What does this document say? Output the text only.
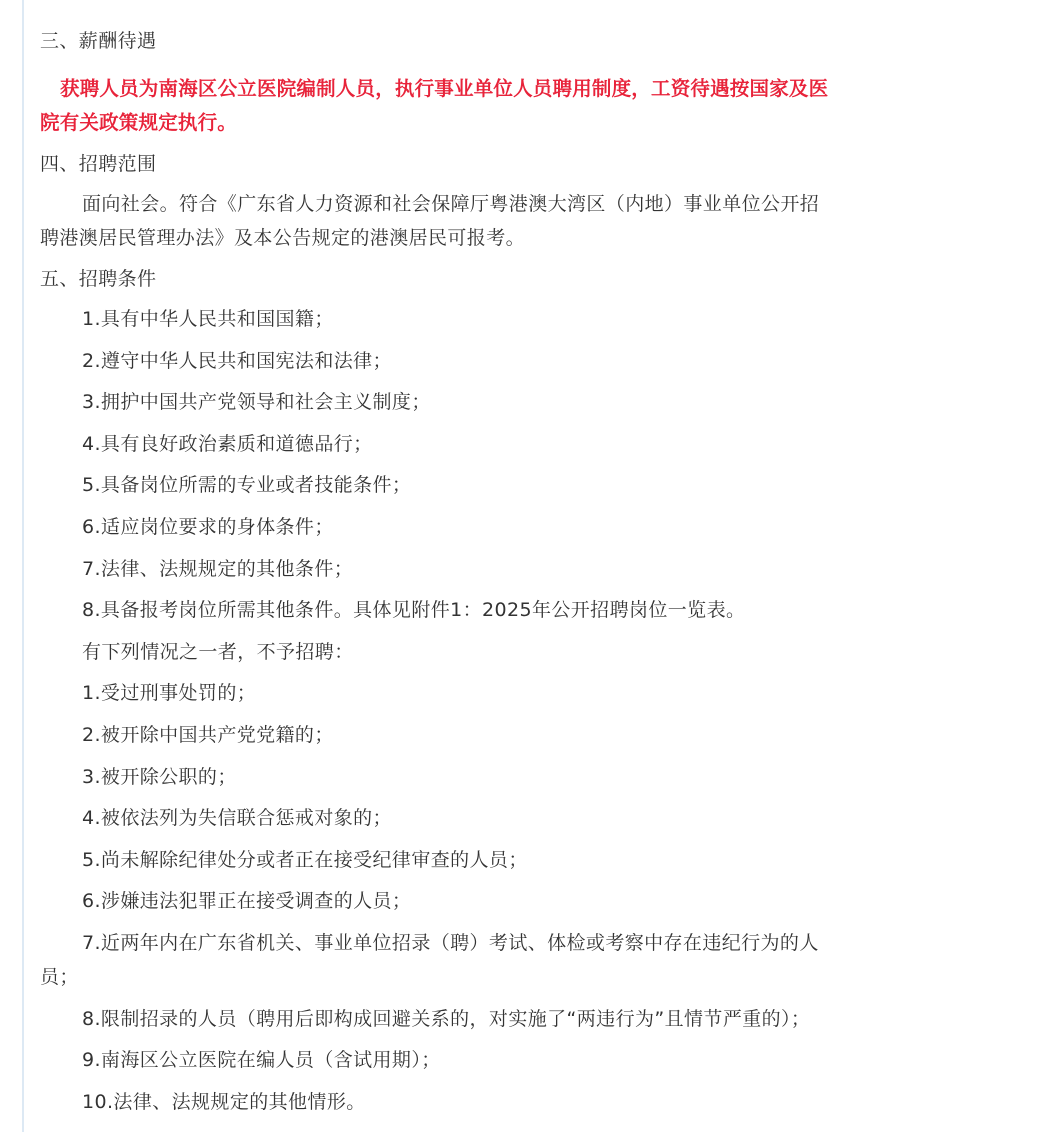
三、薪酬待遇

获聘人员为南海区公立医院编制人员，执行事业单位人员聘用制度，工资待遇按国家及医
院有关政策规定执行。

四、招聘范围

面向社会。符合《广东省人力资源和社会保障厅粤港澳大湾区（内地）事业单位公开招
聘港澳居民管理办法》及本公告规定的港澳居民可报考。

五、招聘条件

1.具有中华人民共和国国籍；

2.遵守中华人民共和国宪法和法律；

3.拥护中国共产党领导和社会主义制度；

4.具有良好政治素质和道德品行；

5.具备岗位所需的专业或者技能条件；

6.适应岗位要求的身体条件；

7.法律、法规规定的其他条件；

8.具备报考岗位所需其他条件。具体见附件1：2025年公开招聘岗位一览表。

有下列情况之一者，不予招聘：

1.受过刑事处罚的；

2.被开除中国共产党党籍的；

3.被开除公职的；

4.被依法列为失信联合惩戒对象的；

5.尚未解除纪律处分或者正在接受纪律审查的人员；

6.涉嫌违法犯罪正在接受调查的人员；

7.近两年内在广东省机关、事业单位招录（聘）考试、体检或考察中存在违纪行为的人
员；

8.限制招录的人员（聘用后即构成回避关系的，对实施了“两违行为”且情节严重的）；

9.南海区公立医院在编人员（含试用期）；

10.法律、法规规定的其他情形。
